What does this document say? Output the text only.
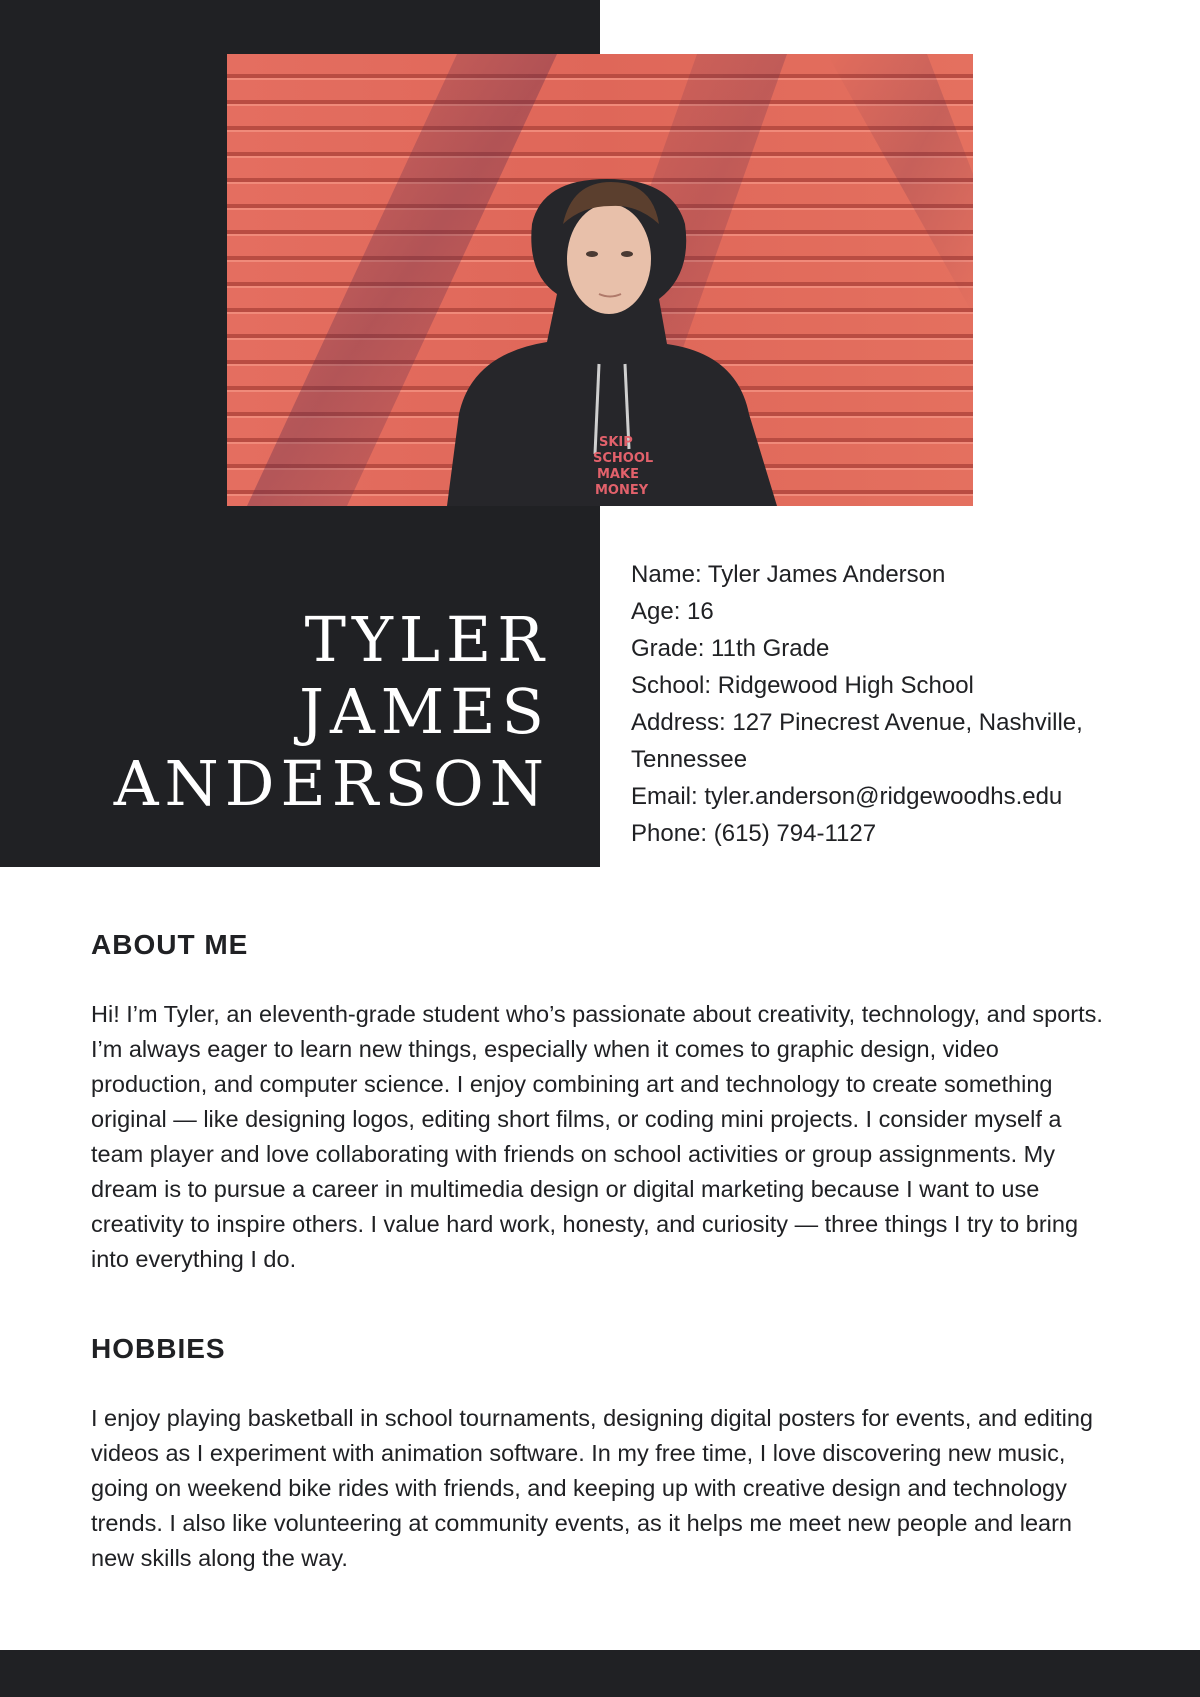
SKIP
SCHOOL
MAKE
MONEY
TYLER
JAMES
ANDERSON
Name: Tyler James Anderson
Age: 16
Grade: 11th Grade
School: Ridgewood High School
Address: 127 Pinecrest Avenue, Nashville, Tennessee
Email: tyler.anderson@ridgewoodhs.edu
Phone: (615) 794-1127
ABOUT ME

Hi! I’m Tyler, an eleventh-grade student who’s passionate about creativity, technology, and sports. I’m always eager to learn new things, especially when it comes to graphic design, video production, and computer science. I enjoy combining art and technology to create something original — like designing logos, editing short films, or coding mini projects. I consider myself a team player and love collaborating with friends on school activities or group assignments. My dream is to pursue a career in multimedia design or digital marketing because I want to use creativity to inspire others. I value hard work, honesty, and curiosity — three things I try to bring into everything I do.

HOBBIES

I enjoy playing basketball in school tournaments, designing digital posters for events, and editing videos as I experiment with animation software. In my free time, I love discovering new music, going on weekend bike rides with friends, and keeping up with creative design and technology trends. I also like volunteering at community events, as it helps me meet new people and learn new skills along the way.
